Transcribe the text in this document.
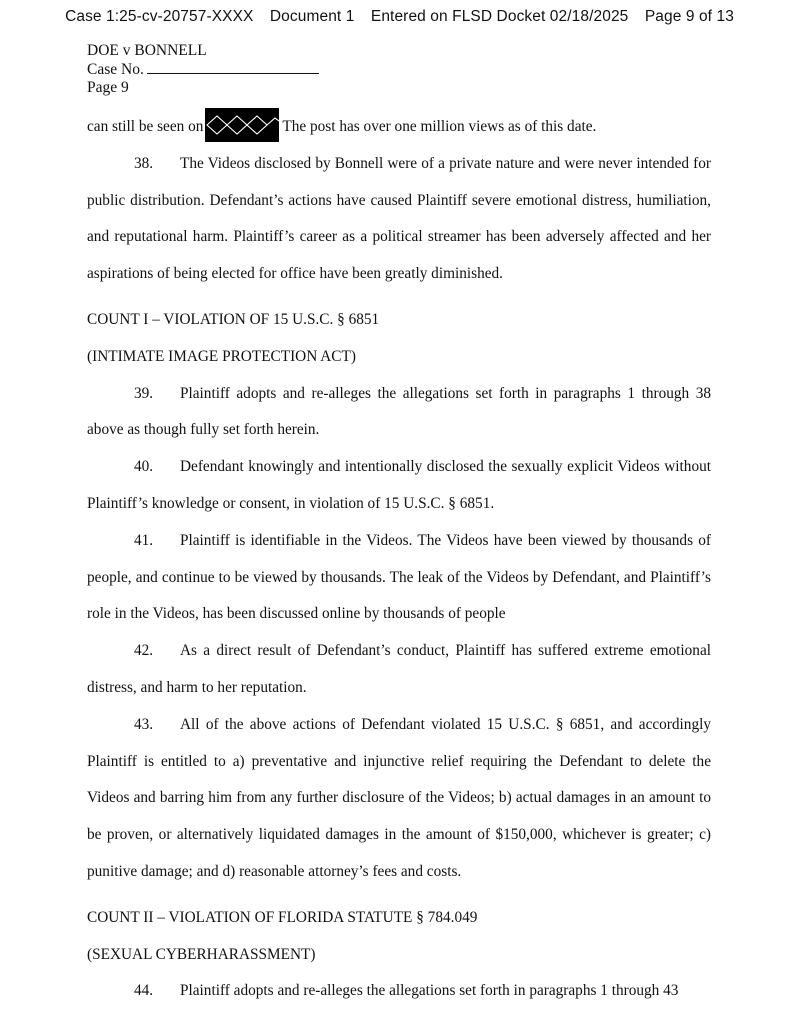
Case 1:25-cv-20757-XXXX Document 1 Entered on FLSD Docket 02/18/2025 Page 9 of 13
DOE v BONNELL
Case No.
Page 9

can still be seen on	The post has over one million views as of this date.

38. The Videos disclosed by Bonnell were of a private nature and were never intended for public distribution. Defendant’s actions have caused Plaintiff severe emotional distress, humiliation, and reputational harm. Plaintiff’s career as a political streamer has been adversely affected and her aspirations of being elected for office have been greatly diminished.

COUNT I – VIOLATION OF 15 U.S.C. § 6851
(INTIMATE IMAGE PROTECTION ACT)

39. Plaintiff adopts and re-alleges the allegations set forth in paragraphs 1 through 38 above as though fully set forth herein.

40. Defendant knowingly and intentionally disclosed the sexually explicit Videos without Plaintiff’s knowledge or consent, in violation of 15 U.S.C. § 6851.

41. Plaintiff is identifiable in the Videos. The Videos have been viewed by thousands of people, and continue to be viewed by thousands. The leak of the Videos by Defendant, and Plaintiff’s role in the Videos, has been discussed online by thousands of people

42. As a direct result of Defendant’s conduct, Plaintiff has suffered extreme emotional distress, and harm to her reputation.

43. All of the above actions of Defendant violated 15 U.S.C. § 6851, and accordingly Plaintiff is entitled to a) preventative and injunctive relief requiring the Defendant to delete the Videos and barring him from any further disclosure of the Videos; b) actual damages in an amount to be proven, or alternatively liquidated damages in the amount of $150,000, whichever is greater; c) punitive damage; and d) reasonable attorney’s fees and costs.

COUNT II – VIOLATION OF FLORIDA STATUTE § 784.049
(SEXUAL CYBERHARASSMENT)

44. Plaintiff adopts and re-alleges the allegations set forth in paragraphs 1 through 43
